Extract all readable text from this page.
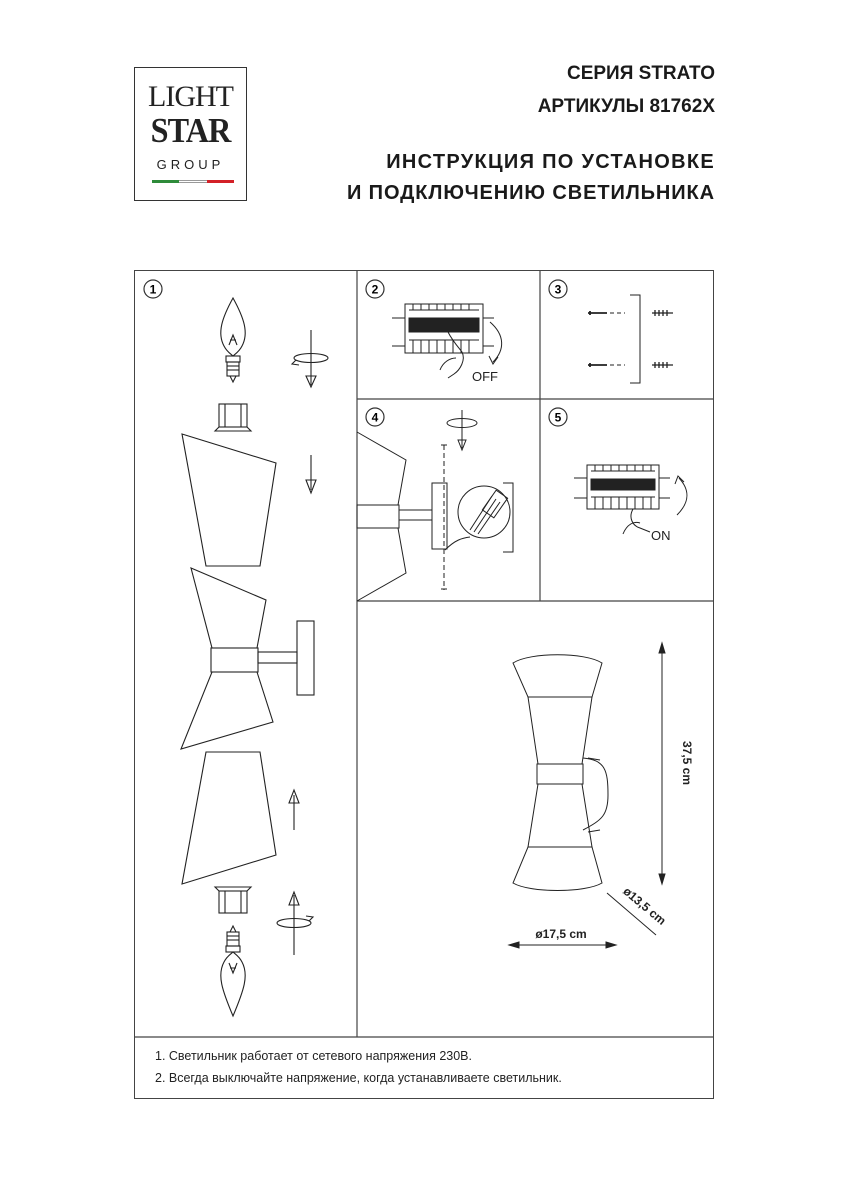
LIGHT
STAR
GROUP
СЕРИЯ STRATO
АРТИКУЛЫ 81762X
ИНСТРУКЦИЯ ПО УСТАНОВКЕ
И ПОДКЛЮЧЕНИЮ СВЕТИЛЬНИКА
1	2	3
4	5
OFF
ON
37,5 cm
ø13,5 cm
ø17,5 cm
1. Светильник работает от сетевого напряжения 230В.
2. Всегда выключайте напряжение, когда устанавливаете светильник.
